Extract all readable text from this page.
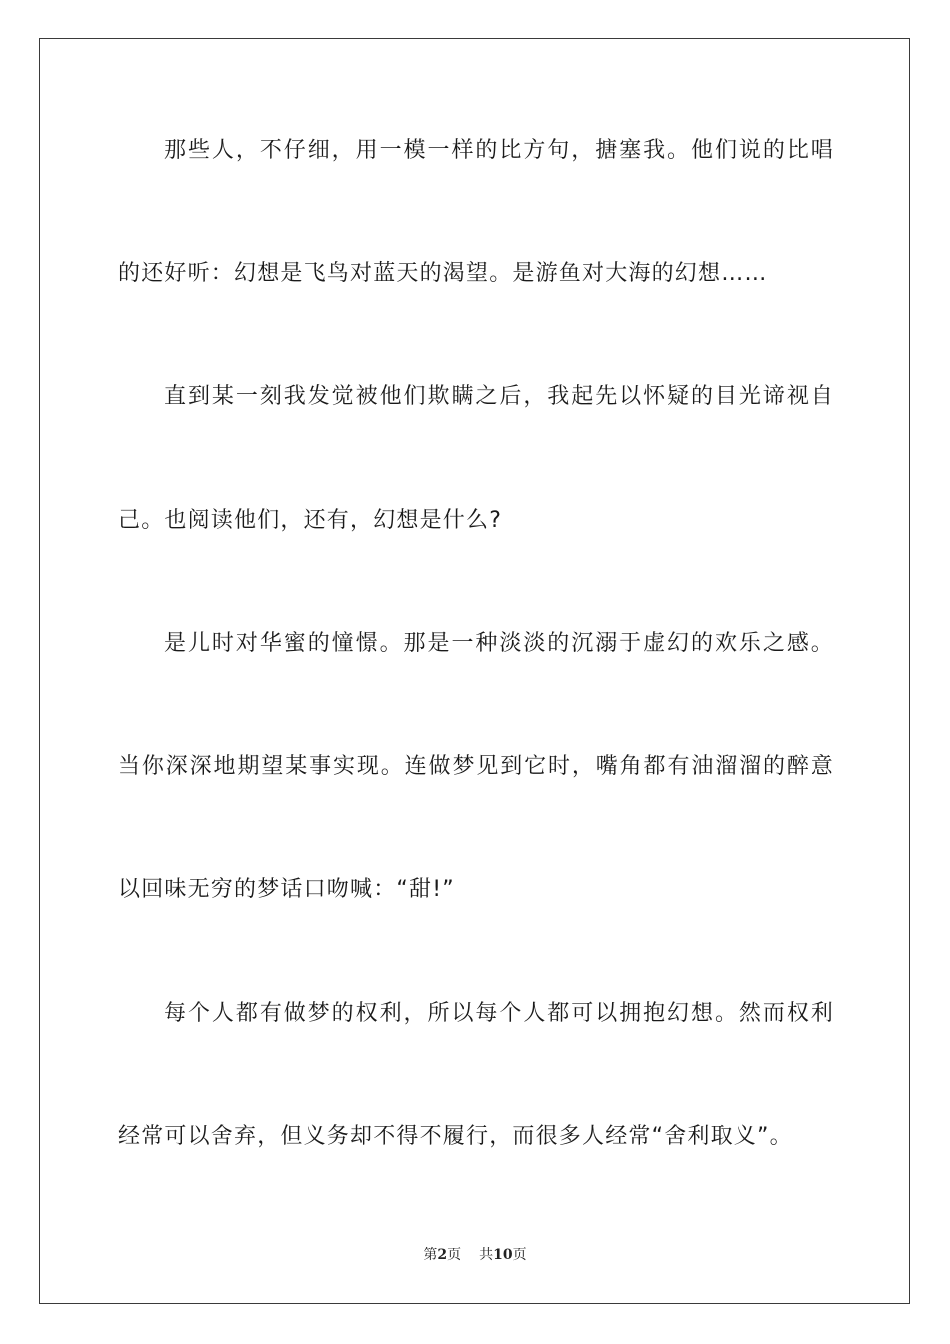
那些人，不仔细，用一模一样的比方句，搪塞我。他们说的比唱
的还好听：幻想是飞鸟对蓝天的渴望。是游鱼对大海的幻想……
直到某一刻我发觉被他们欺瞒之后，我起先以怀疑的目光谛视自
己。也阅读他们，还有，幻想是什么?
是儿时对华蜜的憧憬。那是一种淡淡的沉溺于虚幻的欢乐之感。
当你深深地期望某事实现。连做梦见到它时，嘴角都有油溜溜的醉意
以回味无穷的梦话口吻喊：“甜!”
每个人都有做梦的权利，所以每个人都可以拥抱幻想。然而权利
经常可以舍弃，但义务却不得不履行，而很多人经常“舍利取义”。
第2页 共10页
